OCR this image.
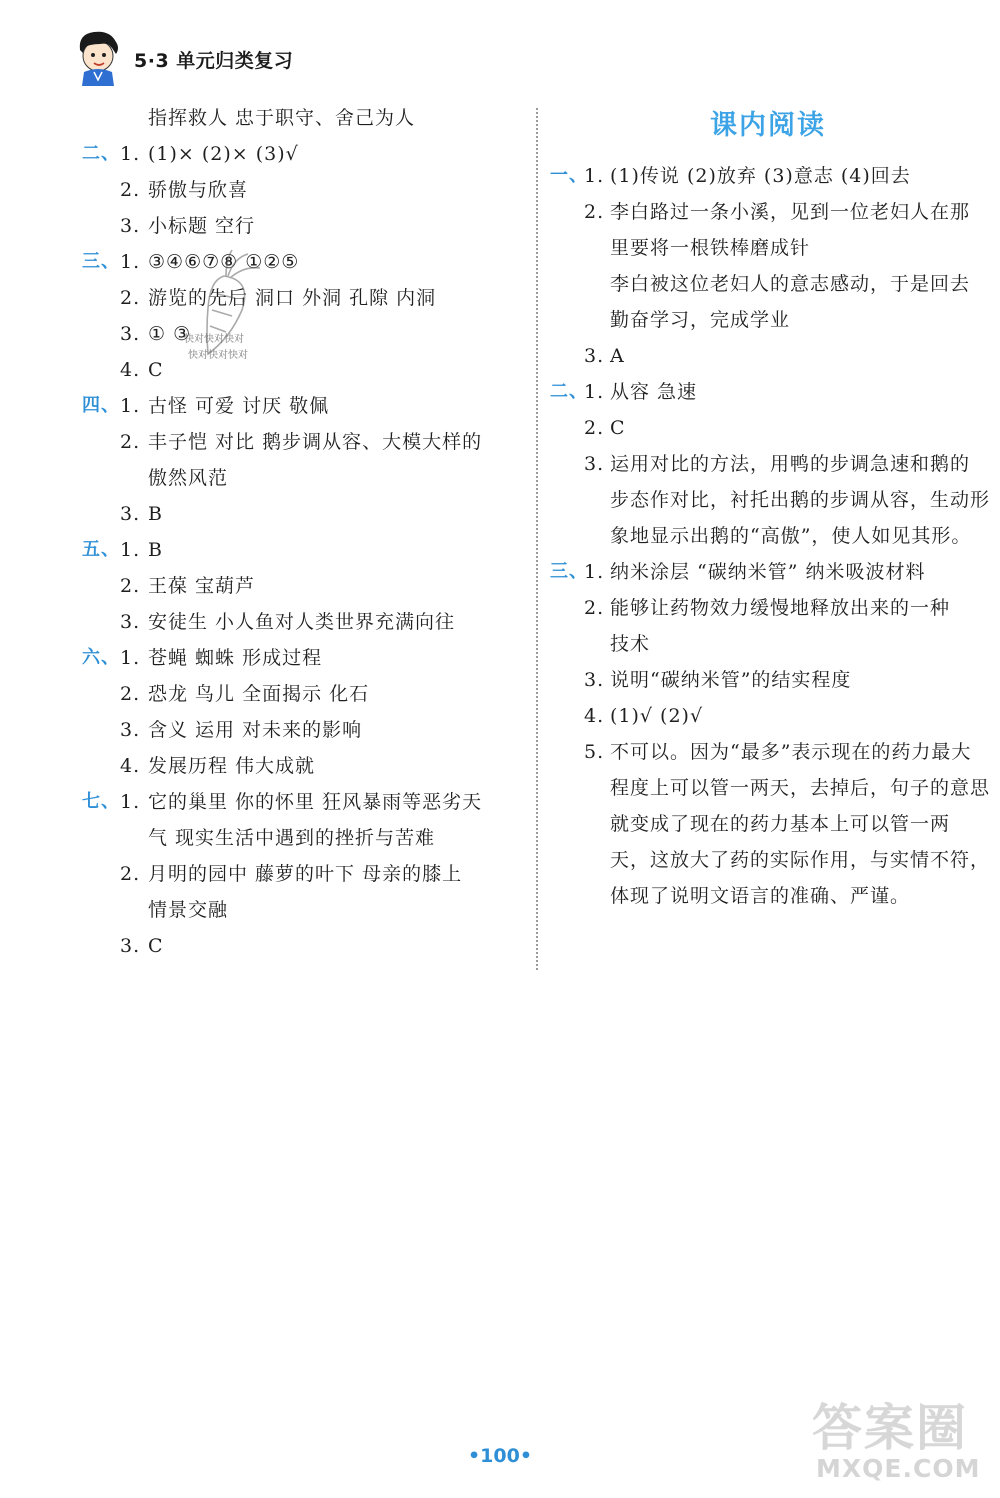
5·3 单元归类复习
指挥救人 忠于职守、舍己为人
二、 1. (1)× (2)× (3)√
2. 骄傲与欣喜
3. 小标题 空行
三、 1. ③④⑥⑦⑧ ①②⑤
2. 游览的先后 洞口 外洞 孔隙 内洞
3. ① ③
4. C
四、 1. 古怪 可爱 讨厌 敬佩
2. 丰子恺 对比 鹅步调从容、大模大样的
傲然风范
3. B
五、 1. B
2. 王葆 宝葫芦
3. 安徒生 小人鱼对人类世界充满向往
六、 1. 苍蝇 蜘蛛 形成过程
2. 恐龙 鸟儿 全面揭示 化石
3. 含义 运用 对未来的影响
4. 发展历程 伟大成就
七、 1. 它的巢里 你的怀里 狂风暴雨等恶劣天
气 现实生活中遇到的挫折与苦难
2. 月明的园中 藤萝的叶下 母亲的膝上
情景交融
3. C
课内阅读
一、
1. (1)传说 (2)放弃 (3)意志 (4)回去
2. 李白路过一条小溪，见到一位老妇人在那
里要将一根铁棒磨成针
李白被这位老妇人的意志感动，于是回去
勤奋学习，完成学业
3. A
二、
1. 从容 急速
2. C
3. 运用对比的方法，用鸭的步调急速和鹅的
步态作对比，衬托出鹅的步调从容，生动形
象地显示出鹅的“高傲”，使人如见其形。
三、
1. 纳米涂层 “碳纳米管” 纳米吸波材料
2. 能够让药物效力缓慢地释放出来的一种
技术
3. 说明“碳纳米管”的结实程度
4. (1)√ (2)√
5. 不可以。因为“最多”表示现在的药力最大
程度上可以管一两天，去掉后，句子的意思
就变成了现在的药力基本上可以管一两
天，这放大了药的实际作用，与实情不符，
体现了说明文语言的准确、严谨。
快对快对快对
快对快对快对
•100•	答案圈
MXQE.COM
